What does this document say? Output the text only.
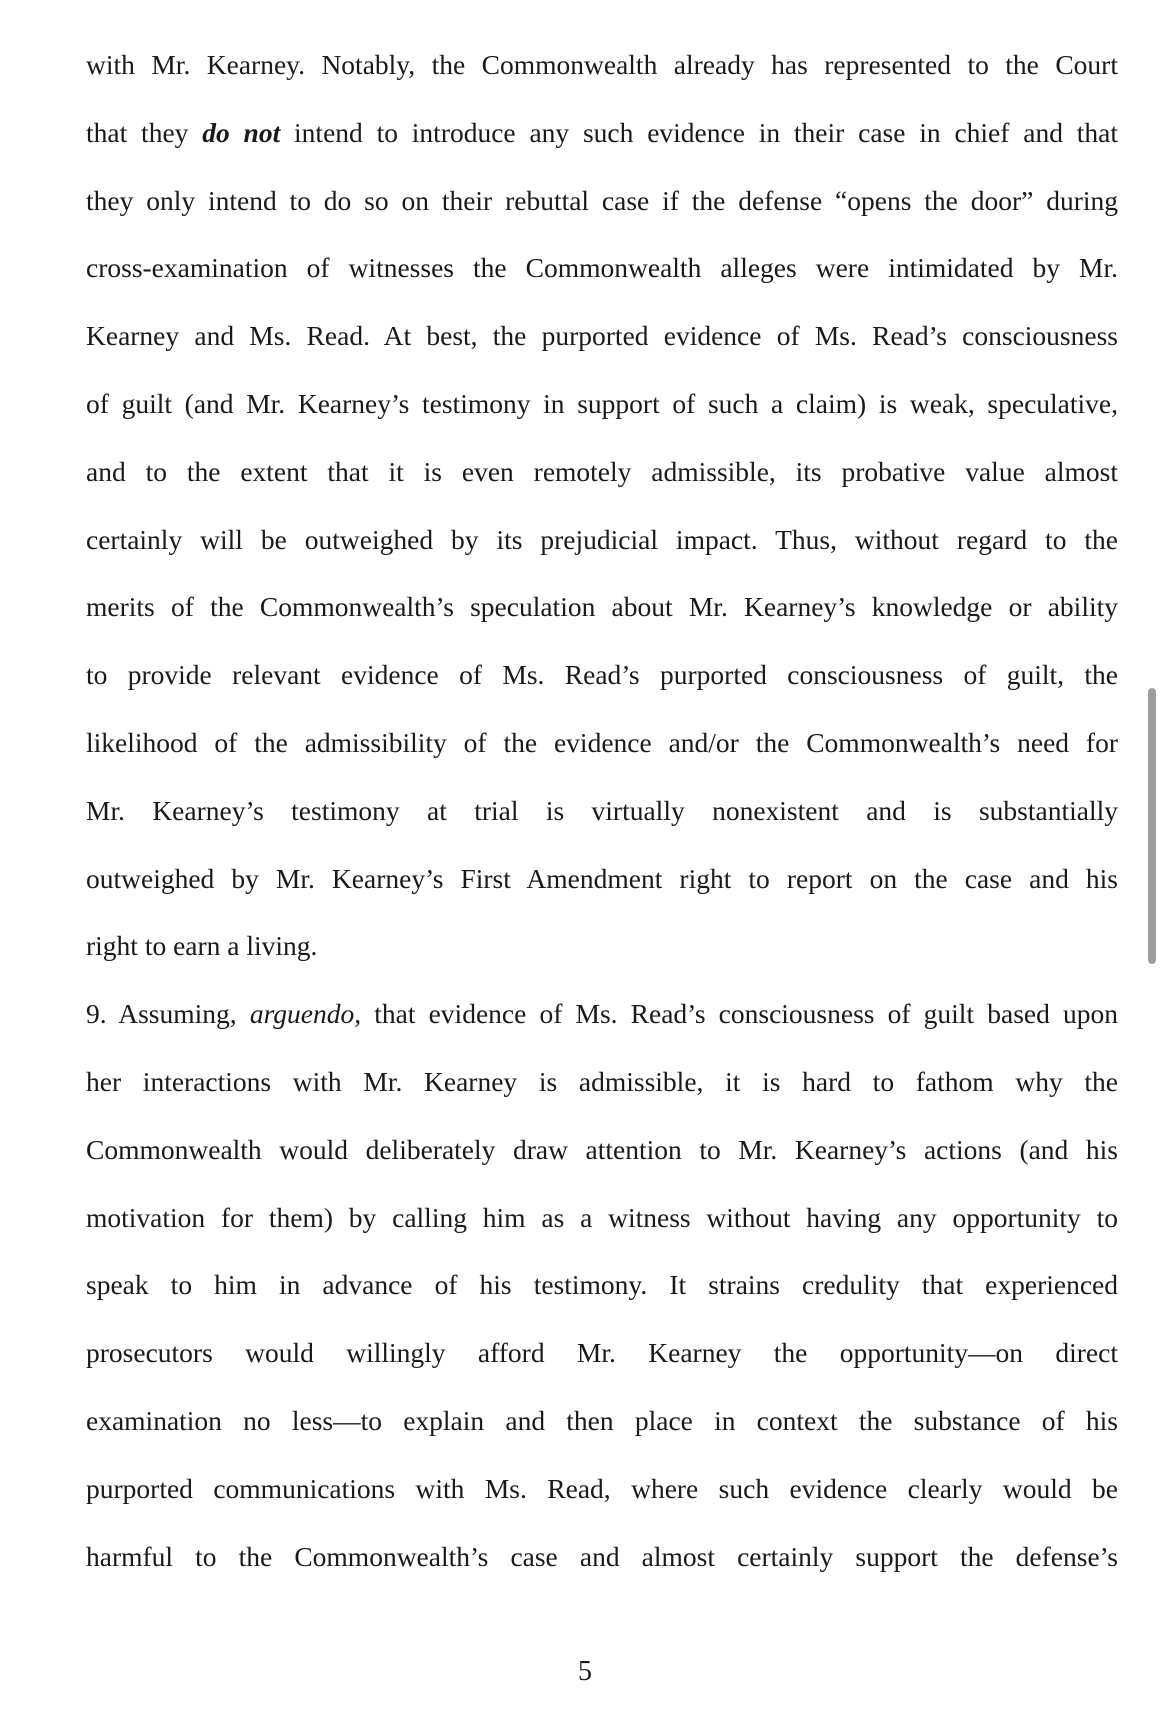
with Mr. Kearney. Notably, the Commonwealth already has represented to the Court
that they do not intend to introduce any such evidence in their case in chief and that
they only intend to do so on their rebuttal case if the defense “opens the door” during
cross-examination of witnesses the Commonwealth alleges were intimidated by Mr.
Kearney and Ms. Read. At best, the purported evidence of Ms. Read’s consciousness
of guilt (and Mr. Kearney’s testimony in support of such a claim) is weak, speculative,
and to the extent that it is even remotely admissible, its probative value almost
certainly will be outweighed by its prejudicial impact. Thus, without regard to the
merits of the Commonwealth’s speculation about Mr. Kearney’s knowledge or ability
to provide relevant evidence of Ms. Read’s purported consciousness of guilt, the
likelihood of the admissibility of the evidence and/or the Commonwealth’s need for
Mr. Kearney’s testimony at trial is virtually nonexistent and is substantially
outweighed by Mr. Kearney’s First Amendment right to report on the case and his
right to earn a living.
9. Assuming, arguendo, that evidence of Ms. Read’s consciousness of guilt based upon
her interactions with Mr. Kearney is admissible, it is hard to fathom why the
Commonwealth would deliberately draw attention to Mr. Kearney’s actions (and his
motivation for them) by calling him as a witness without having any opportunity to
speak to him in advance of his testimony. It strains credulity that experienced
prosecutors would willingly afford Mr. Kearney the opportunity—on direct
examination no less—to explain and then place in context the substance of his
purported communications with Ms. Read, where such evidence clearly would be
harmful to the Commonwealth’s case and almost certainly support the defense’s
5
